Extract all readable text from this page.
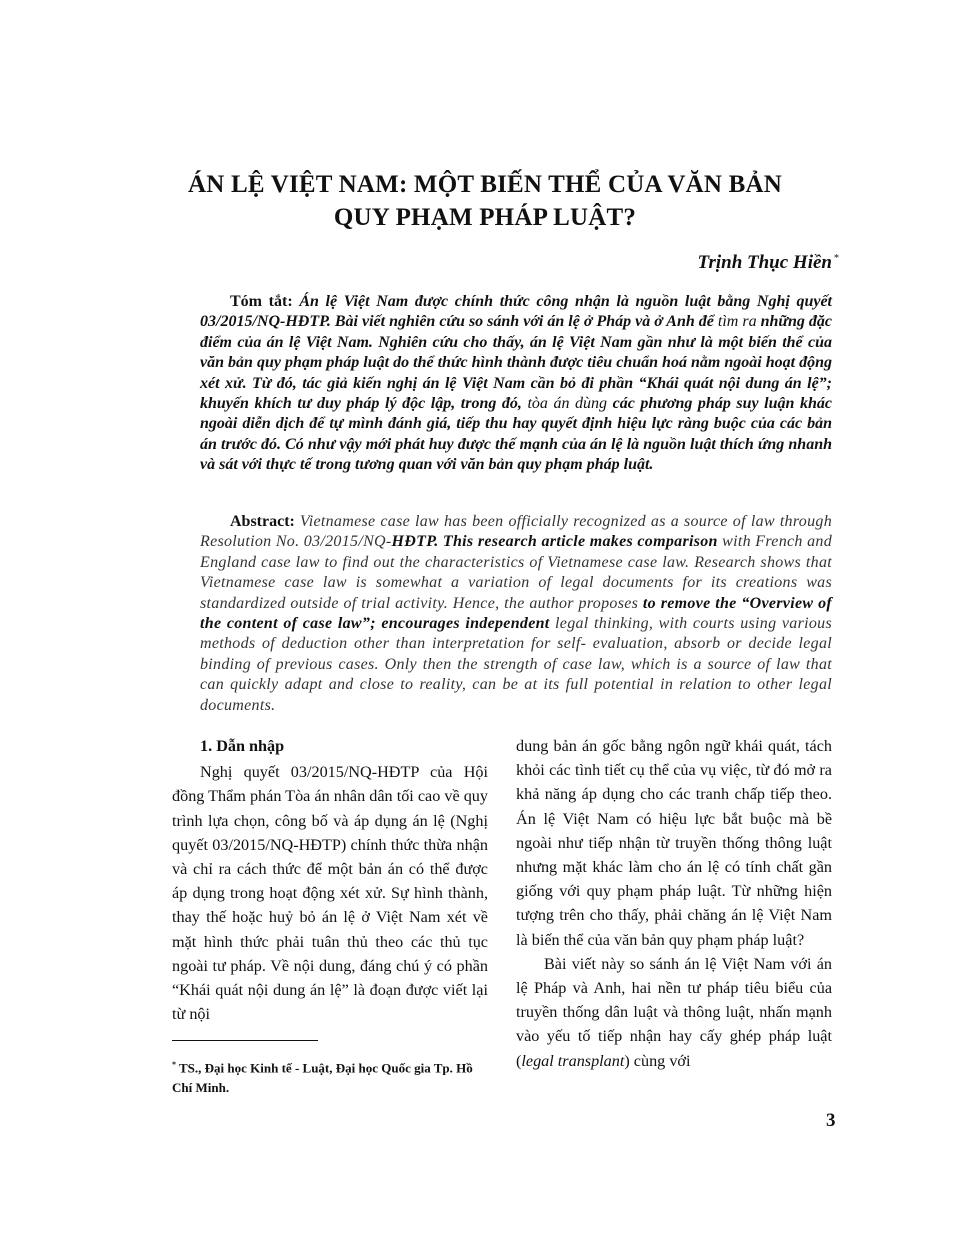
ÁN LỆ VIỆT NAM: MỘT BIẾN THỂ CỦA VĂN BẢN
QUY PHẠM PHÁP LUẬT?
Trịnh Thục Hiền *
Tóm tắt: Án lệ Việt Nam được chính thức công nhận là nguồn luật bằng Nghị quyết 03/2015/NQ-HĐTP. Bài viết nghiên cứu so sánh với án lệ ở Pháp và ở Anh để tìm ra những đặc điểm của án lệ Việt Nam. Nghiên cứu cho thấy, án lệ Việt Nam gần như là một biến thể của văn bản quy phạm pháp luật do thể thức hình thành được tiêu chuẩn hoá nằm ngoài hoạt động xét xử. Từ đó, tác giả kiến nghị án lệ Việt Nam cần bỏ đi phần “Khái quát nội dung án lệ”; khuyến khích tư duy pháp lý độc lập, trong đó, tòa án dùng các phương pháp suy luận khác ngoài diễn dịch để tự mình đánh giá, tiếp thu hay quyết định hiệu lực ràng buộc của các bản án trước đó. Có như vậy mới phát huy được thế mạnh của án lệ là nguồn luật thích ứng nhanh và sát với thực tế trong tương quan với văn bản quy phạm pháp luật.
Abstract: Vietnamese case law has been officially recognized as a source of law through Resolution No. 03/2015/NQ-HĐTP. This research article makes comparison with French and England case law to find out the characteristics of Vietnamese case law. Research shows that Vietnamese case law is somewhat a variation of legal documents for its creations was standardized outside of trial activity. Hence, the author proposes to remove the “Overview of the content of case law”; encourages independent legal thinking, with courts using various methods of deduction other than interpretation for self- evaluation, absorb or decide legal binding of previous cases. Only then the strength of case law, which is a source of law that can quickly adapt and close to reality, can be at its full potential in relation to other legal documents.
1. Dẫn nhập

Nghị quyết 03/2015/NQ-HĐTP của Hội đồng Thẩm phán Tòa án nhân dân tối cao về quy trình lựa chọn, công bố và áp dụng án lệ (Nghị quyết 03/2015/NQ-HĐTP) chính thức thừa nhận và chỉ ra cách thức để một bản án có thể được áp dụng trong hoạt động xét xử. Sự hình thành, thay thế hoặc huỷ bỏ án lệ ở Việt Nam xét về mặt hình thức phải tuân thủ theo các thủ tục ngoài tư pháp. Về nội dung, đáng chú ý có phần “Khái quát nội dung án lệ” là đoạn được viết lại từ nội

dung bản án gốc bằng ngôn ngữ khái quát, tách khỏi các tình tiết cụ thể của vụ việc, từ đó mở ra khả năng áp dụng cho các tranh chấp tiếp theo. Án lệ Việt Nam có hiệu lực bắt buộc mà bề ngoài như tiếp nhận từ truyền thống thông luật nhưng mặt khác làm cho án lệ có tính chất gần giống với quy phạm pháp luật. Từ những hiện tượng trên cho thấy, phải chăng án lệ Việt Nam là biến thể của văn bản quy phạm pháp luật?

Bài viết này so sánh án lệ Việt Nam với án lệ Pháp và Anh, hai nền tư pháp tiêu biểu của truyền thống dân luật và thông luật, nhấn mạnh vào yếu tố tiếp nhận hay cấy ghép pháp luật (legal transplant) cùng với

* TS., Đại học Kinh tế - Luật, Đại học Quốc gia Tp. Hồ Chí Minh.
3
